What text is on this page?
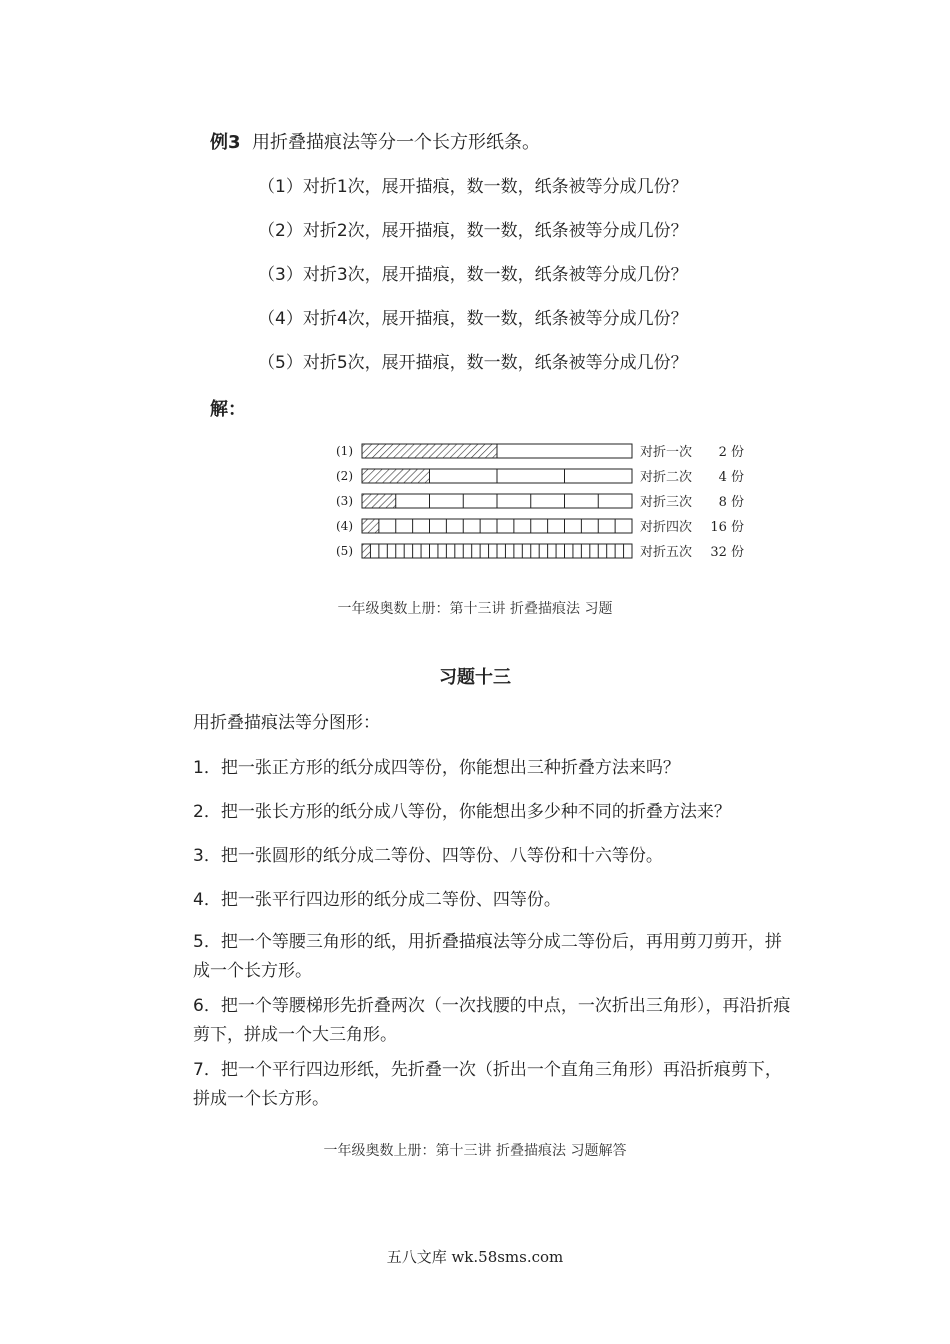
例3 用折叠描痕法等分一个长方形纸条。
（1）对折1次，展开描痕，数一数，纸条被等分成几份？
（2）对折2次，展开描痕，数一数，纸条被等分成几份？
（3）对折3次，展开描痕，数一数，纸条被等分成几份？
（4）对折4次，展开描痕，数一数，纸条被等分成几份？
（5）对折5次，展开描痕，数一数，纸条被等分成几份？
解：
(1)	对折一次 2 份
(2)	对折二次 4 份
(3)	对折三次 8 份
(4)	对折四次 16 份
(5)	对折五次 32 份
一年级奥数上册：第十三讲 折叠描痕法 习题
习题十三
用折叠描痕法等分图形：
1．把一张正方形的纸分成四等份，你能想出三种折叠方法来吗？
2．把一张长方形的纸分成八等份，你能想出多少种不同的折叠方法来？
3．把一张圆形的纸分成二等份、四等份、八等份和十六等份。
4．把一张平行四边形的纸分成二等份、四等份。
5．把一个等腰三角形的纸，用折叠描痕法等分成二等份后，再用剪刀剪开，拼成一个长方形。
6．把一个等腰梯形先折叠两次（一次找腰的中点，一次折出三角形），再沿折痕剪下，拼成一个大三角形。
7．把一个平行四边形纸，先折叠一次（折出一个直角三角形）再沿折痕剪下，拼成一个长方形。
一年级奥数上册：第十三讲 折叠描痕法 习题解答
五八文库 wk.58sms.com
